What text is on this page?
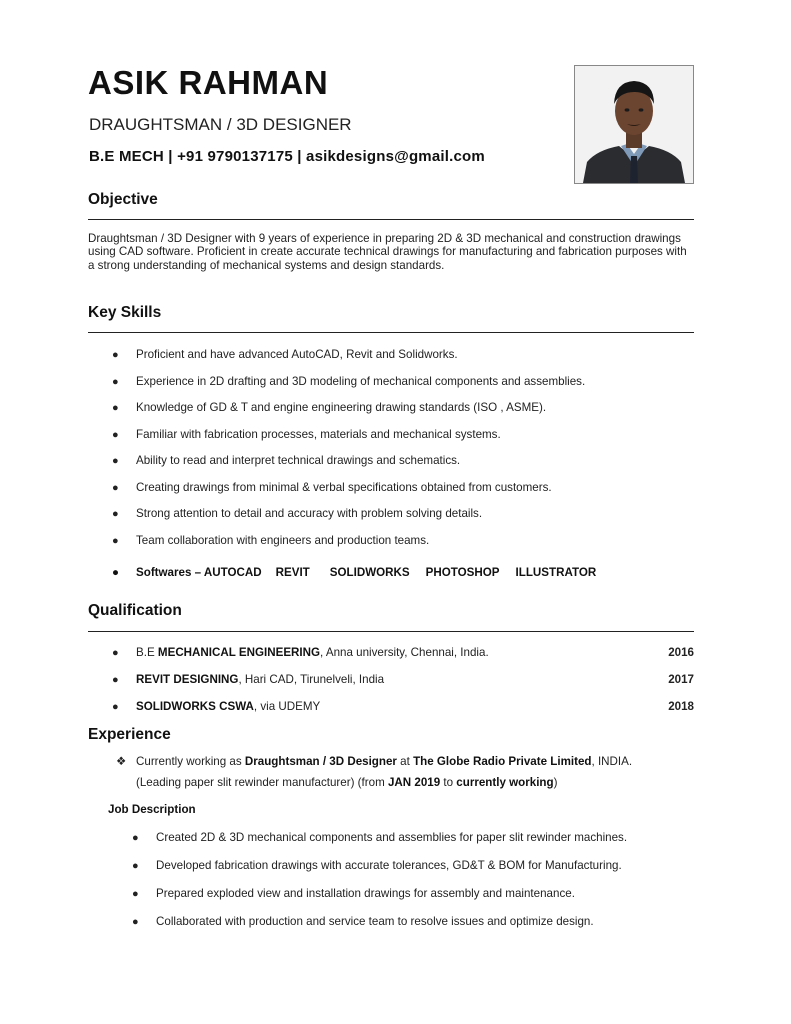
ASIK RAHMAN
DRAUGHTSMAN / 3D DESIGNER
B.E MECH | +91 9790137175 | asikdesigns@gmail.com
Objective
Draughtsman / 3D Designer with 9 years of experience in preparing 2D & 3D mechanical and construction drawings using CAD software. Proficient in create accurate technical drawings for manufacturing and fabrication purposes with a strong understanding of mechanical systems and design standards.
Key Skills
● Proficient and have advanced AutoCAD, Revit and Solidworks.
● Experience in 2D drafting and 3D modeling of mechanical components and assemblies.
● Knowledge of GD & T and engine engineering drawing standards (ISO , ASME).
● Familiar with fabrication processes, materials and mechanical systems.
● Ability to read and interpret technical drawings and schematics.
● Creating drawings from minimal & verbal specifications obtained from customers.
● Strong attention to detail and accuracy with problem solving details.
● Team collaboration with engineers and production teams.
● Softwares – AUTOCAD REVIT SOLIDWORKS PHOTOSHOP ILLUSTRATOR
Qualification
● B.E MECHANICAL ENGINEERING, Anna university, Chennai, India.	2016
● REVIT DESIGNING, Hari CAD, Tirunelveli, India	2017
● SOLIDWORKS CSWA, via UDEMY	2018
Experience
❖ Currently working as Draughtsman / 3D Designer at The Globe Radio Private Limited, INDIA.
(Leading paper slit rewinder manufacturer) (from JAN 2019 to currently working)
Job Description
● Created 2D & 3D mechanical components and assemblies for paper slit rewinder machines.
● Developed fabrication drawings with accurate tolerances, GD&T & BOM for Manufacturing.
● Prepared exploded view and installation drawings for assembly and maintenance.
● Collaborated with production and service team to resolve issues and optimize design.
